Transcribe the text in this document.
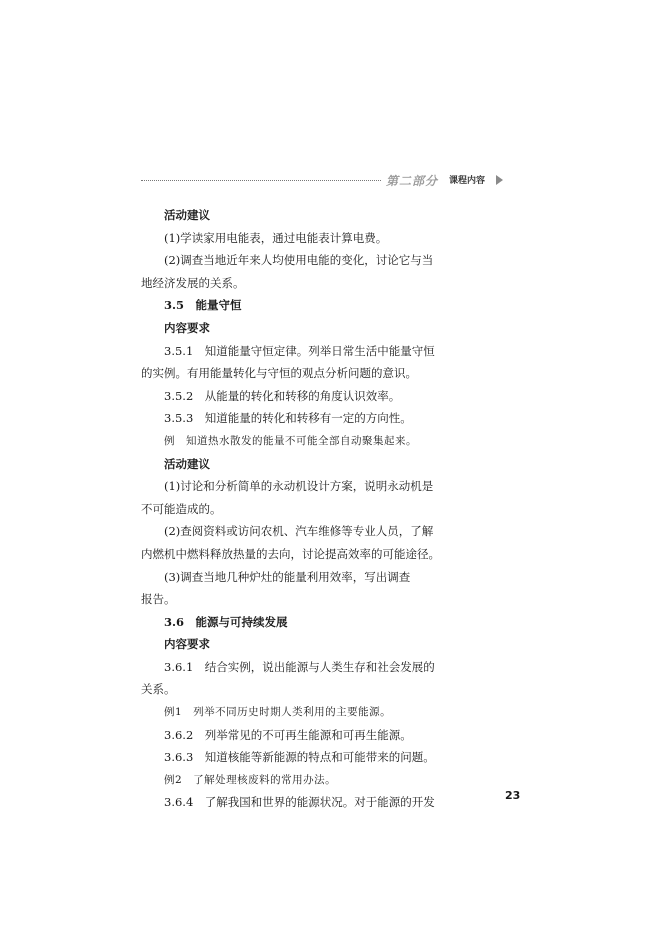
第二部分 课程内容
活动建议
(1)学读家用电能表，通过电能表计算电费。
(2)调查当地近年来人均使用电能的变化，讨论它与当
地经济发展的关系。
3.5　能量守恒
内容要求
3.5.1　知道能量守恒定律。列举日常生活中能量守恒
的实例。有用能量转化与守恒的观点分析问题的意识。
3.5.2　从能量的转化和转移的角度认识效率。
3.5.3　知道能量的转化和转移有一定的方向性。
例　知道热水散发的能量不可能全部自动聚集起来。
活动建议
(1)讨论和分析简单的永动机设计方案，说明永动机是
不可能造成的。
(2)查阅资料或访问农机、汽车维修等专业人员，了解
内燃机中燃料释放热量的去向，讨论提高效率的可能途径。
(3)调查当地几种炉灶的能量利用效率，写出调查
报告。
3.6　能源与可持续发展
内容要求
3.6.1　结合实例，说出能源与人类生存和社会发展的
关系。
例1　列举不同历史时期人类利用的主要能源。
3.6.2　列举常见的不可再生能源和可再生能源。
3.6.3　知道核能等新能源的特点和可能带来的问题。
例2　了解处理核废料的常用办法。
3.6.4　了解我国和世界的能源状况。对于能源的开发	23
